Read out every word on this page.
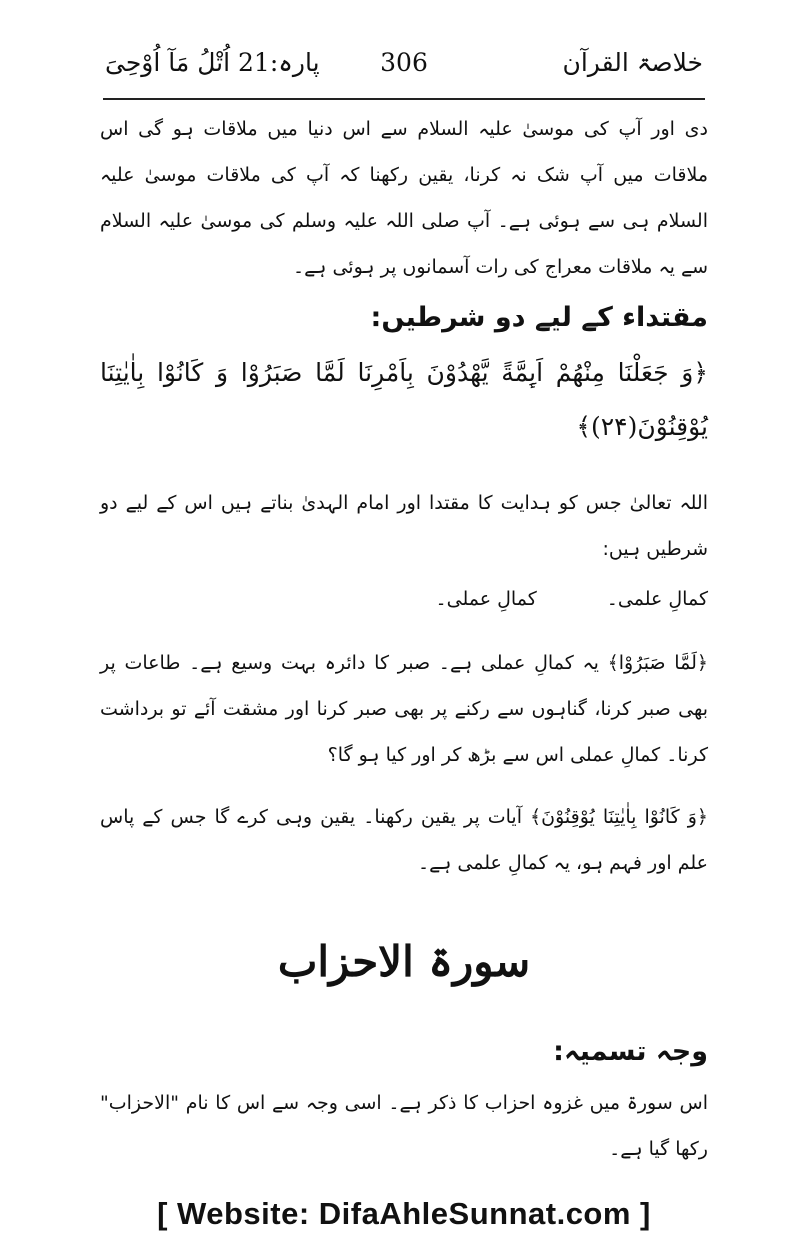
خلاصۃ القرآن
306
پارہ:21 اُتْلُ مَآ اُوْحِیَ
دی اور آپ کی موسیٰ علیہ السلام سے اس دنیا میں ملاقات ہو گی اس ملاقات میں آپ شک نہ کرنا، یقین رکھنا کہ آپ کی ملاقات موسیٰ علیہ السلام ہی سے ہوئی ہے۔ آپ صلی اللہ علیہ وسلم کی موسیٰ علیہ السلام سے یہ ملاقات معراج کی رات آسمانوں پر ہوئی ہے۔
مقتداء کے لیے دو شرطیں:
﴿وَ جَعَلْنَا مِنْهُمْ اَىِٕمَّةً یَّهْدُوْنَ بِاَمْرِنَا لَمَّا صَبَرُوْا وَ كَانُوْا بِاٰیٰتِنَا یُوْقِنُوْنَ(۲۴)﴾
اللہ تعالیٰ جس کو ہدایت کا مقتدا اور امام الہدیٰ بناتے ہیں اس کے لیے دو شرطیں ہیں:
کمالِ علمی۔کمالِ عملی۔
﴿لَمَّا صَبَرُوْا﴾ یہ کمالِ عملی ہے۔ صبر کا دائرہ بہت وسیع ہے۔ طاعات پر بھی صبر کرنا، گناہوں سے رکنے پر بھی صبر کرنا اور مشقت آئے تو برداشت کرنا۔ کمالِ عملی اس سے بڑھ کر اور کیا ہو گا؟
﴿وَ كَانُوْا بِاٰیٰتِنَا یُوْقِنُوْنَ﴾ آیات پر یقین رکھنا۔ یقین وہی کرے گا جس کے پاس علم اور فہم ہو، یہ کمالِ علمی ہے۔
سورۃ الاحزاب
وجہ تسمیہ:
اس سورۃ میں غزوہ احزاب کا ذکر ہے۔ اسی وجہ سے اس کا نام "الاحزاب" رکھا گیا ہے۔
[ Website: DifaAhleSunnat.com ]
